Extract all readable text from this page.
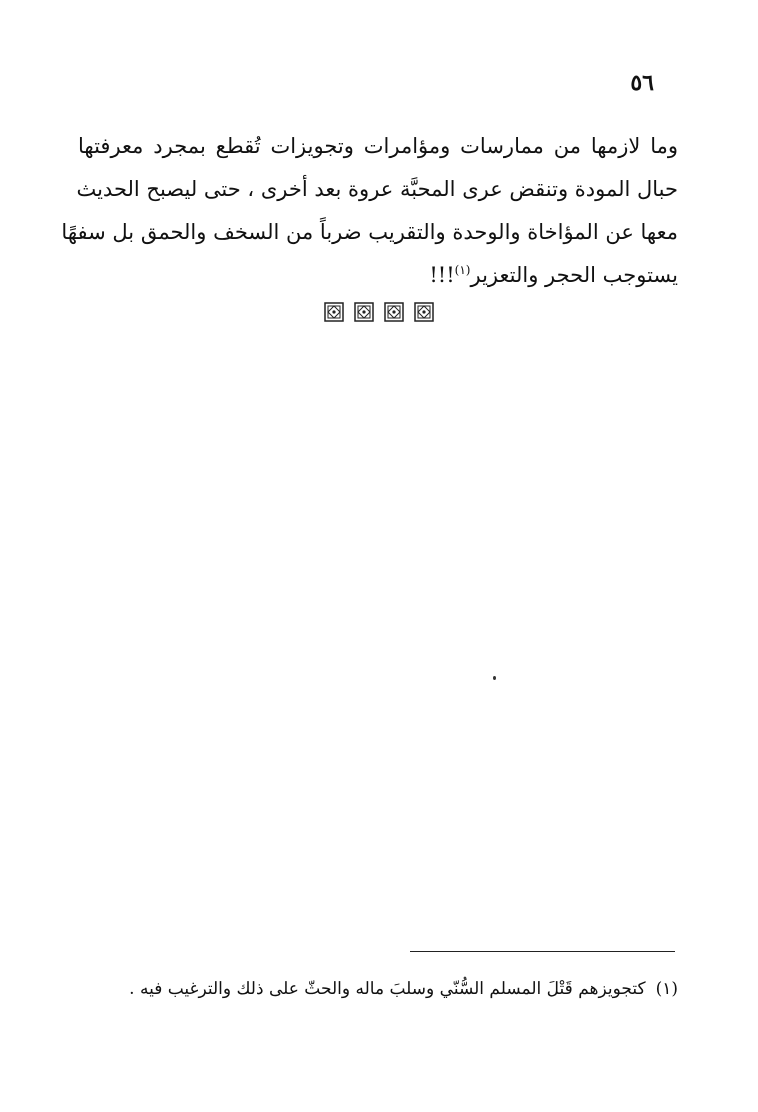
٥٦
وما لازمها من ممارسات ومؤامرات وتجويزات تُقطع بمجرد معرفتها
حبال المودة وتنقض عرى المحبَّة عروة بعد أخرى ، حتى ليصبح الحديث
معها عن المؤاخاة والوحدة والتقريب ضرباً من السخف والحمق بل سفهًا
يستوجب الحجر والتعزير$^{(١)}$!!!
(١)كتجويزهم قَتْلَ المسلم السُّنّي وسلبَ ماله والحثّ على ذلك والترغيب فيه .
